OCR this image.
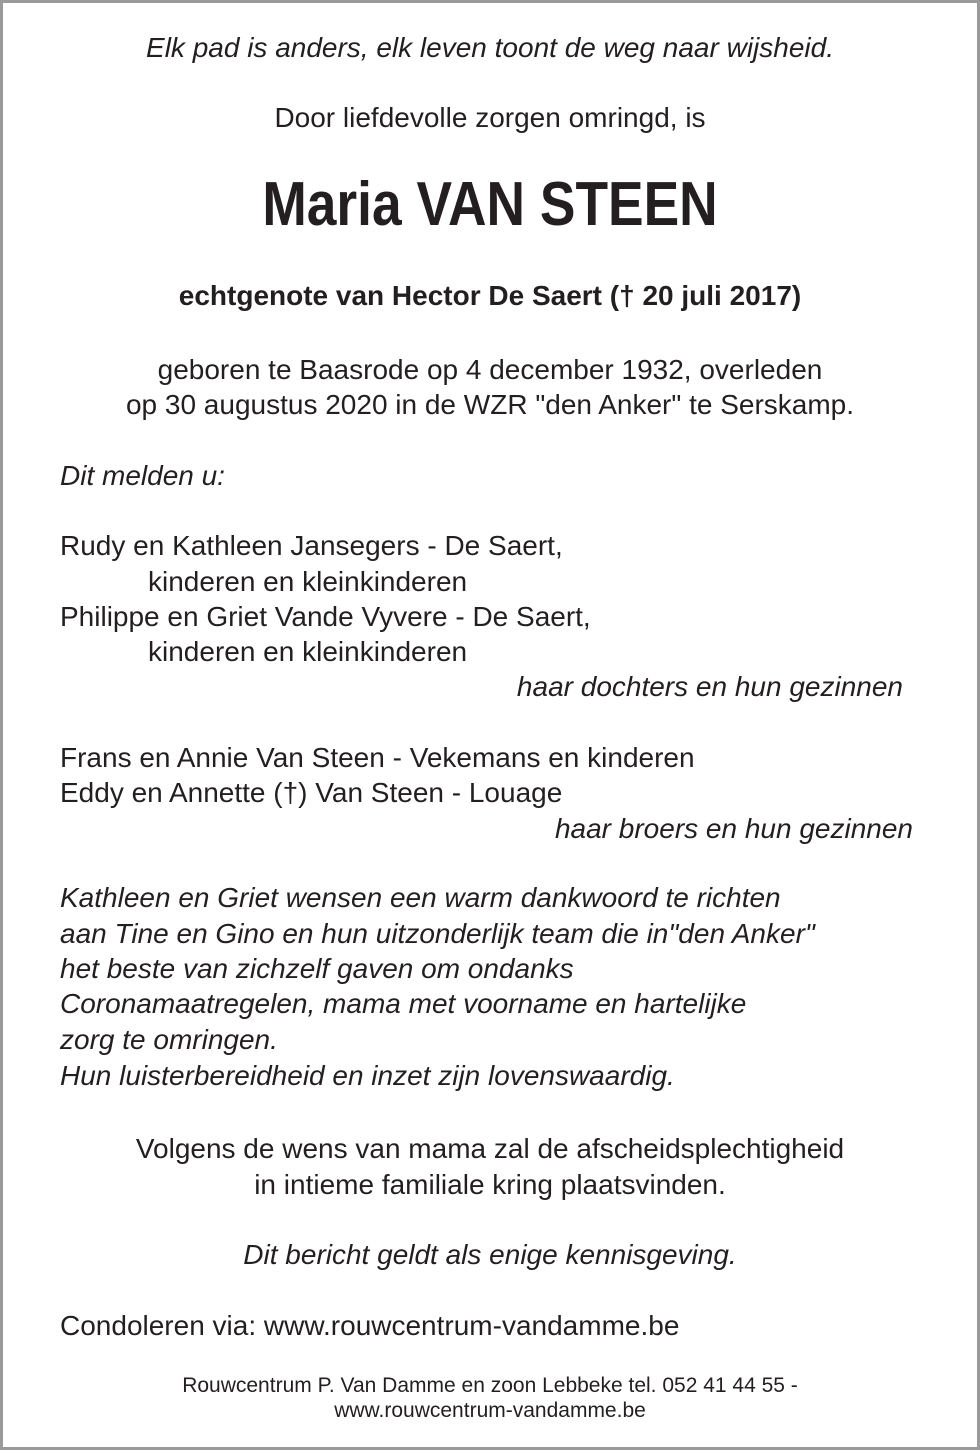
Elk pad is anders, elk leven toont de weg naar wijsheid.
Door liefdevolle zorgen omringd, is
Maria VAN STEEN
echtgenote van Hector De Saert († 20 juli 2017)
geboren te Baasrode op 4 december 1932, overleden
op 30 augustus 2020 in de WZR "den Anker" te Serskamp.
Dit melden u:
Rudy en Kathleen Jansegers - De Saert,
kinderen en kleinkinderen
Philippe en Griet Vande Vyvere - De Saert,
kinderen en kleinkinderen
haar dochters en hun gezinnen
Frans en Annie Van Steen - Vekemans en kinderen
Eddy en Annette (†) Van Steen - Louage
haar broers en hun gezinnen
Kathleen en Griet wensen een warm dankwoord te richten
aan Tine en Gino en hun uitzonderlijk team die in"den Anker"
het beste van zichzelf gaven om ondanks
Coronamaatregelen, mama met voorname en hartelijke
zorg te omringen.
Hun luisterbereidheid en inzet zijn lovenswaardig.
Volgens de wens van mama zal de afscheidsplechtigheid
in intieme familiale kring plaatsvinden.
Dit bericht geldt als enige kennisgeving.
Condoleren via: www.rouwcentrum-vandamme.be
Rouwcentrum P. Van Damme en zoon Lebbeke tel. 052 41 44 55 -
www.rouwcentrum-vandamme.be
